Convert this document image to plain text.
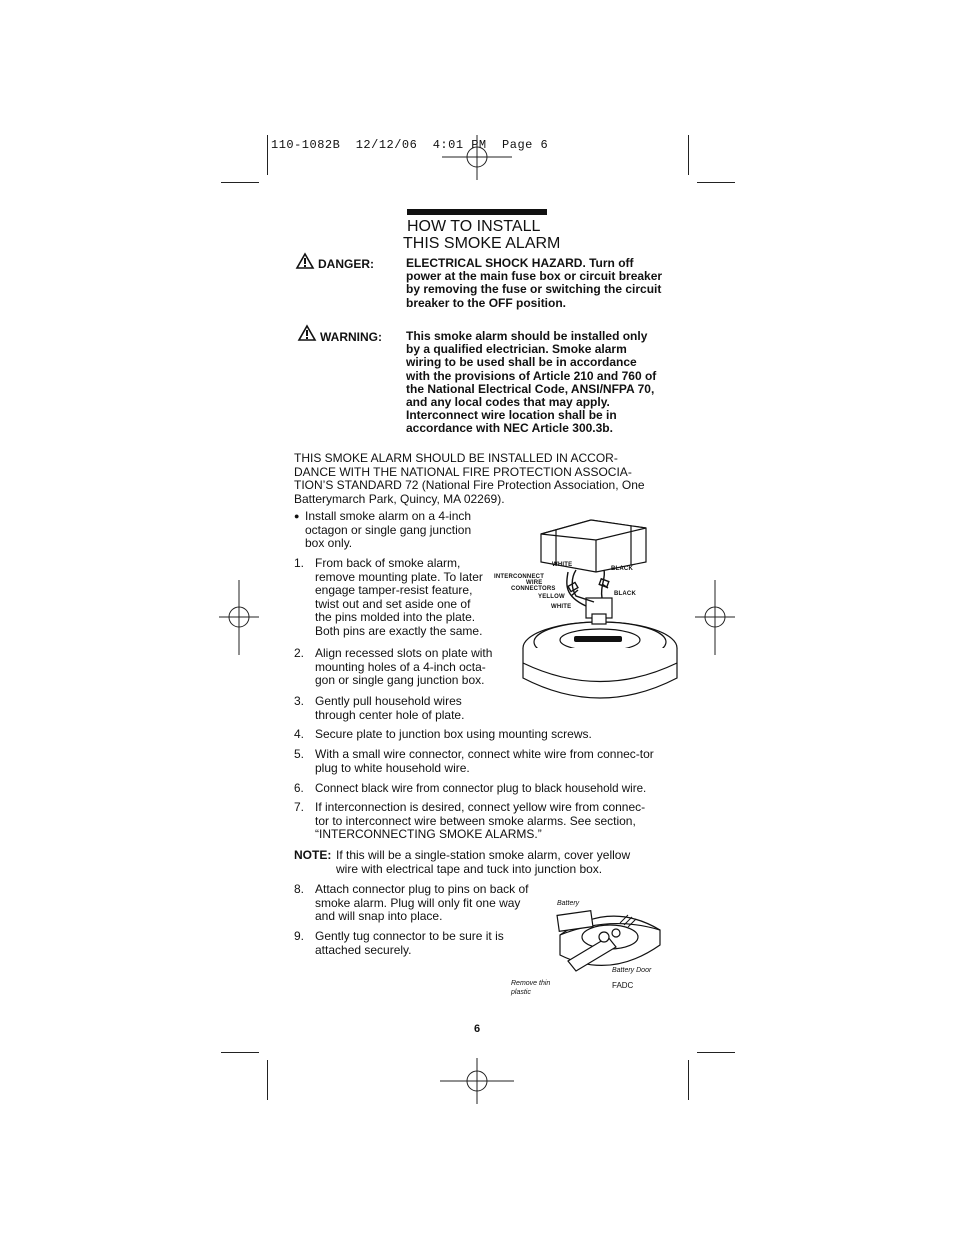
110-1082B  12/12/06  4:01 PM  Page 6
HOW TO INSTALL
THIS SMOKE ALARM
DANGER:	ELECTRICAL SHOCK HAZARD. Turn off power at the main fuse box or circuit breaker by removing the fuse or switching the circuit breaker to the OFF position.
WARNING: This smoke alarm should be installed only by a qualified electrician. Smoke alarm wiring to be used shall be in accordance with the provisions of Article 210 and 760 of the National Electrical Code, ANSI/NFPA 70, and any local codes that may apply. Interconnect wire location shall be in accordance with NEC Article 300.3b.
THIS SMOKE ALARM SHOULD BE INSTALLED IN ACCOR-DANCE WITH THE NATIONAL FIRE PROTECTION ASSOCIA-TION’S STANDARD 72 (National Fire Protection Association, One Batterymarch Park, Quincy, MA 02269).
● Install smoke alarm on a 4-inch octagon or single gang junction box only.
1. From back of smoke alarm, remove mounting plate. To later engage tamper-resist feature, twist out and set aside one of the pins molded into the plate. Both pins are exactly the same.
2. Align recessed slots on plate with mounting holes of a 4-inch octa-gon or single gang junction box.
3. Gently pull household wires through center hole of plate.
4. Secure plate to junction box using mounting screws.
5. With a small wire connector, connect white wire from connec-tor plug to white household wire.
6. Connect black wire from connector plug to black household wire.
7. If interconnection is desired, connect yellow wire from connec-tor to interconnect wire between smoke alarms. See section, “INTERCONNECTING SMOKE ALARMS.”
NOTE: If this will be a single-station smoke alarm, cover yellow wire with electrical tape and tuck into junction box.
8. Attach connector plug to pins on back of smoke alarm. Plug will only fit one way and will snap into place.
9. Gently tug connector to be sure it is attached securely.
WHITE
BLACK
INTERCONNECT
WIRE
CONNECTORS
YELLOW	BLACK
WHITE
Battery
Battery Door
Remove thin
plastic
FADC
6
